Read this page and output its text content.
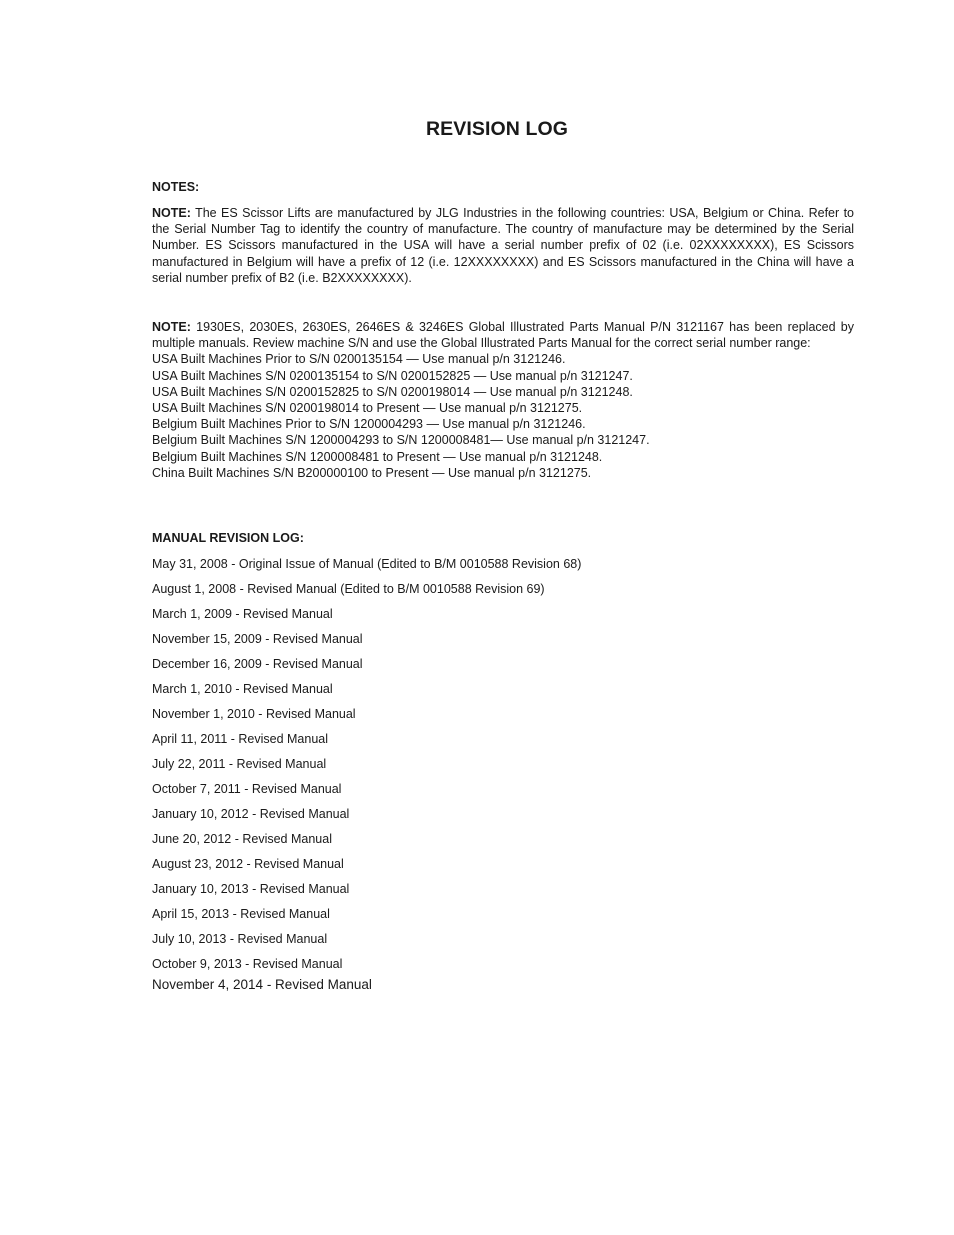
REVISION LOG
NOTES:
NOTE: The ES Scissor Lifts are manufactured by JLG Industries in the following countries: USA, Belgium or China. Refer to the Serial Number Tag to identify the country of manufacture. The country of manufacture may be determined by the Serial Number. ES Scissors manufactured in the USA will have a serial number prefix of 02 (i.e. 02XXXXXXXX), ES Scissors manufactured in Belgium will have a prefix of 12 (i.e. 12XXXXXXXX) and ES Scissors manufactured in the China will have a serial number prefix of B2 (i.e. B2XXXXXXXX).
NOTE: 1930ES, 2030ES, 2630ES, 2646ES & 3246ES Global Illustrated Parts Manual P/N 3121167 has been replaced by multiple manuals. Review machine S/N and use the Global Illustrated Parts Manual for the correct serial number range:
USA Built Machines Prior to S/N 0200135154 — Use manual p/n 3121246.
USA Built Machines S/N 0200135154 to S/N 0200152825 — Use manual p/n 3121247.
USA Built Machines S/N 0200152825 to S/N 0200198014 — Use manual p/n 3121248.
USA Built Machines S/N 0200198014 to Present — Use manual p/n 3121275.
Belgium Built Machines Prior to S/N 1200004293 — Use manual p/n 3121246.
Belgium Built Machines S/N 1200004293 to S/N 1200008481— Use manual p/n 3121247.
Belgium Built Machines S/N 1200008481 to Present — Use manual p/n 3121248.
China Built Machines S/N B200000100 to Present — Use manual p/n 3121275.
MANUAL REVISION LOG:
May 31, 2008 - Original Issue of Manual (Edited to B/M 0010588 Revision 68)
August 1, 2008 - Revised Manual (Edited to B/M 0010588 Revision 69)
March 1, 2009 - Revised Manual
November 15, 2009 - Revised Manual
December 16, 2009 - Revised Manual
March 1, 2010 - Revised Manual
November 1, 2010 - Revised Manual
April 11, 2011 - Revised Manual
July 22, 2011 - Revised Manual
October 7, 2011 - Revised Manual
January 10, 2012 - Revised Manual
June 20, 2012 - Revised Manual
August 23, 2012 - Revised Manual
January 10, 2013 - Revised Manual
April 15, 2013 - Revised Manual
July 10, 2013 - Revised Manual
October 9, 2013 - Revised Manual
November 4, 2014 - Revised Manual
